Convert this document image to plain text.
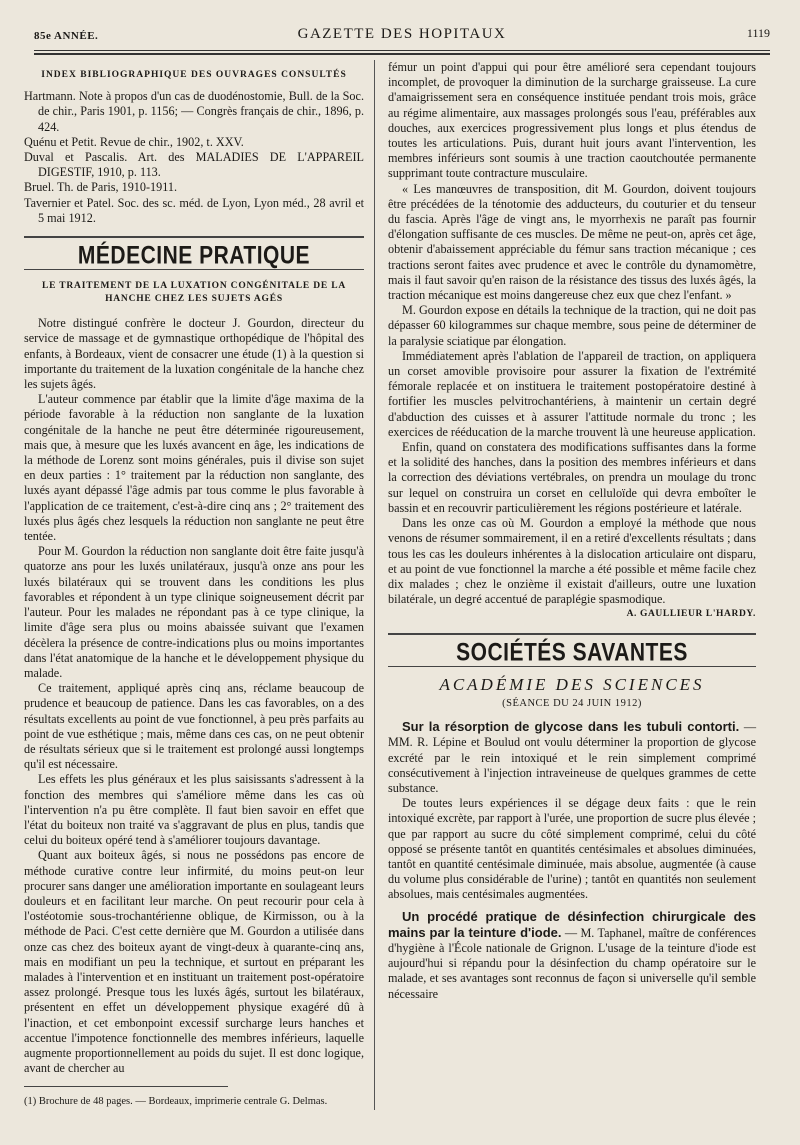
85e ANNÉE.	GAZETTE DES HOPITAUX	1119
INDEX BIBLIOGRAPHIQUE DES OUVRAGES CONSULTÉS

Hartmann. Note à propos d'un cas de duodénostomie, Bull. de la Soc. de chir., Paris 1901, p. 1156; — Congrès français de chir., 1896, p. 424.

Quénu et Petit. Revue de chir., 1902, t. XXV.

Duval et Pascalis. Art. des MALADIES DE L'APPAREIL DIGESTIF, 1910, p. 113.

Bruel. Th. de Paris, 1910-1911.

Tavernier et Patel. Soc. des sc. méd. de Lyon, Lyon méd., 28 avril et 5 mai 1912.

MÉDECINE PRATIQUE
LE TRAITEMENT DE LA LUXATION CONGÉNITALE DE LA HANCHE CHEZ LES SUJETS AGÉS

Notre distingué confrère le docteur J. Gourdon, directeur du service de massage et de gymnastique orthopédique de l'hôpital des enfants, à Bordeaux, vient de consacrer une étude (1) à la question si importante du traitement de la luxation congénitale de la hanche chez les sujets âgés.

L'auteur commence par établir que la limite d'âge maxima de la période favorable à la réduction non sanglante de la luxation congénitale de la hanche ne peut être déterminée rigoureusement, mais que, à mesure que les luxés avancent en âge, les indications de la méthode de Lorenz sont moins générales, puis il divise son sujet en deux parties : 1° traitement par la réduction non sanglante, des luxés ayant dépassé l'âge admis par tous comme le plus favorable à l'application de ce traitement, c'est-à-dire cinq ans ; 2° traitement des luxés plus âgés chez lesquels la réduction non sanglante ne peut être tentée.

Pour M. Gourdon la réduction non sanglante doit être faite jusqu'à quatorze ans pour les luxés unilatéraux, jusqu'à onze ans pour les luxés bilatéraux qui se trouvent dans les conditions les plus favorables et répondent à un type clinique soigneusement décrit par l'auteur. Pour les malades ne répondant pas à ce type clinique, la limite d'âge sera plus ou moins abaissée suivant que l'examen décèlera la présence de contre-indications plus ou moins importantes dans l'état anatomique de la hanche et le développement physique du malade.

Ce traitement, appliqué après cinq ans, réclame beaucoup de prudence et beaucoup de patience. Dans les cas favorables, on a des résultats excellents au point de vue fonctionnel, à peu près parfaits au point de vue esthétique ; mais, même dans ces cas, on ne peut obtenir de résultats sérieux que si le traitement est prolongé aussi longtemps qu'il est nécessaire.

Les effets les plus généraux et les plus saisissants s'adressent à la fonction des membres qui s'améliore même dans les cas où l'intervention n'a pu être complète. Il faut bien savoir en effet que l'état du boiteux non traité va s'aggravant de plus en plus, tandis que celui du boiteux opéré tend à s'améliorer toujours davantage.

Quant aux boiteux âgés, si nous ne possédons pas encore de méthode curative contre leur infirmité, du moins peut-on leur procurer sans danger une amélioration importante en soulageant leurs douleurs et en facilitant leur marche. On peut recourir pour cela à l'ostéotomie sous-trochantérienne oblique, de Kirmisson, ou à la méthode de Paci. C'est cette dernière que M. Gourdon a utilisée dans onze cas chez des boiteux ayant de vingt-deux à quarante-cinq ans, mais en modifiant un peu la technique, et surtout en préparant les malades à l'intervention et en instituant un traitement post-opératoire assez prolongé. Presque tous les luxés âgés, surtout les bilatéraux, présentent en effet un développement physique exagéré dû à l'inaction, et cet embonpoint excessif surcharge leurs hanches et accentue l'impotence fonctionnelle des membres inférieurs, laquelle augmente proportionnellement au poids du sujet. Il est donc logique, avant de chercher au

(1) Brochure de 48 pages. — Bordeaux, imprimerie centrale G. Delmas.

fémur un point d'appui qui pour être amélioré sera cependant toujours incomplet, de provoquer la diminution de la surcharge graisseuse. La cure d'amaigrissement sera en conséquence instituée pendant trois mois, grâce au régime alimentaire, aux massages prolongés sous l'eau, préférables aux douches, aux exercices progressivement plus longs et plus étendus de toutes les articulations. Puis, durant huit jours avant l'intervention, les membres inférieurs sont soumis à une traction caoutchoutée permanente supprimant toute contracture musculaire.

« Les manœuvres de transposition, dit M. Gourdon, doivent toujours être précédées de la ténotomie des adducteurs, du couturier et du tenseur du fascia. Après l'âge de vingt ans, le myorrhexis ne paraît pas fournir d'élongation suffisante de ces muscles. De même ne peut-on, après cet âge, obtenir d'abaissement appréciable du fémur sans traction mécanique ; ces tractions seront faites avec prudence et avec le contrôle du dynamomètre, mais il faut savoir qu'en raison de la résistance des tissus des luxés âgés, la traction mécanique est moins dangereuse chez eux que chez l'enfant. »

M. Gourdon expose en détails la technique de la traction, qui ne doit pas dépasser 60 kilogrammes sur chaque membre, sous peine de déterminer de la paralysie sciatique par élongation.

Immédiatement après l'ablation de l'appareil de traction, on appliquera un corset amovible provisoire pour assurer la fixation de l'extrémité fémorale replacée et on instituera le traitement postopératoire destiné à fortifier les muscles pelvitrochantériens, à maintenir un certain degré d'abduction des cuisses et à assurer l'attitude normale du tronc ; les exercices de rééducation de la marche trouvent là une heureuse application.

Enfin, quand on constatera des modifications suffisantes dans la forme et la solidité des hanches, dans la position des membres inférieurs et dans la correction des déviations vertébrales, on prendra un moulage du tronc sur lequel on construira un corset en celluloïde qui devra emboîter le bassin et en recouvrir particulièrement les régions postérieure et latérale.

Dans les onze cas où M. Gourdon a employé la méthode que nous venons de résumer sommairement, il en a retiré d'excellents résultats ; dans tous les cas les douleurs inhérentes à la dislocation articulaire ont disparu, et au point de vue fonctionnel la marche a été possible et même facile chez dix malades ; chez le onzième il existait d'ailleurs, outre une luxation bilatérale, un degré accentué de paraplégie spasmodique.

A. GAULLIEUR L'HARDY.
SOCIÉTÉS SAVANTES
ACADÉMIE DES SCIENCES
(SÉANCE DU 24 JUIN 1912)

Sur la résorption de glycose dans les tubuli contorti. — MM. R. Lépine et Boulud ont voulu déterminer la proportion de glycose excrété par le rein intoxiqué et le rein simplement comprimé consécutivement à l'injection intraveineuse de quelques grammes de cette substance.

De toutes leurs expériences il se dégage deux faits : que le rein intoxiqué excrète, par rapport à l'urée, une proportion de sucre plus élevée ; que par rapport au sucre du côté simplement comprimé, celui du côté opposé se présente tantôt en quantités centésimales et absolues diminuées, tantôt en quantité centésimale diminuée, mais absolue, augmentée (à cause du volume plus considérable de l'urine) ; tantôt en quantités non seulement absolues, mais centésimales augmentées.

Un procédé pratique de désinfection chirurgicale des mains par la teinture d'iode. — M. Taphanel, maître de conférences d'hygiène à l'École nationale de Grignon. L'usage de la teinture d'iode est aujourd'hui si répandu pour la désinfection du champ opératoire sur le malade, et ses avantages sont reconnus de façon si universelle qu'il semble nécessaire
